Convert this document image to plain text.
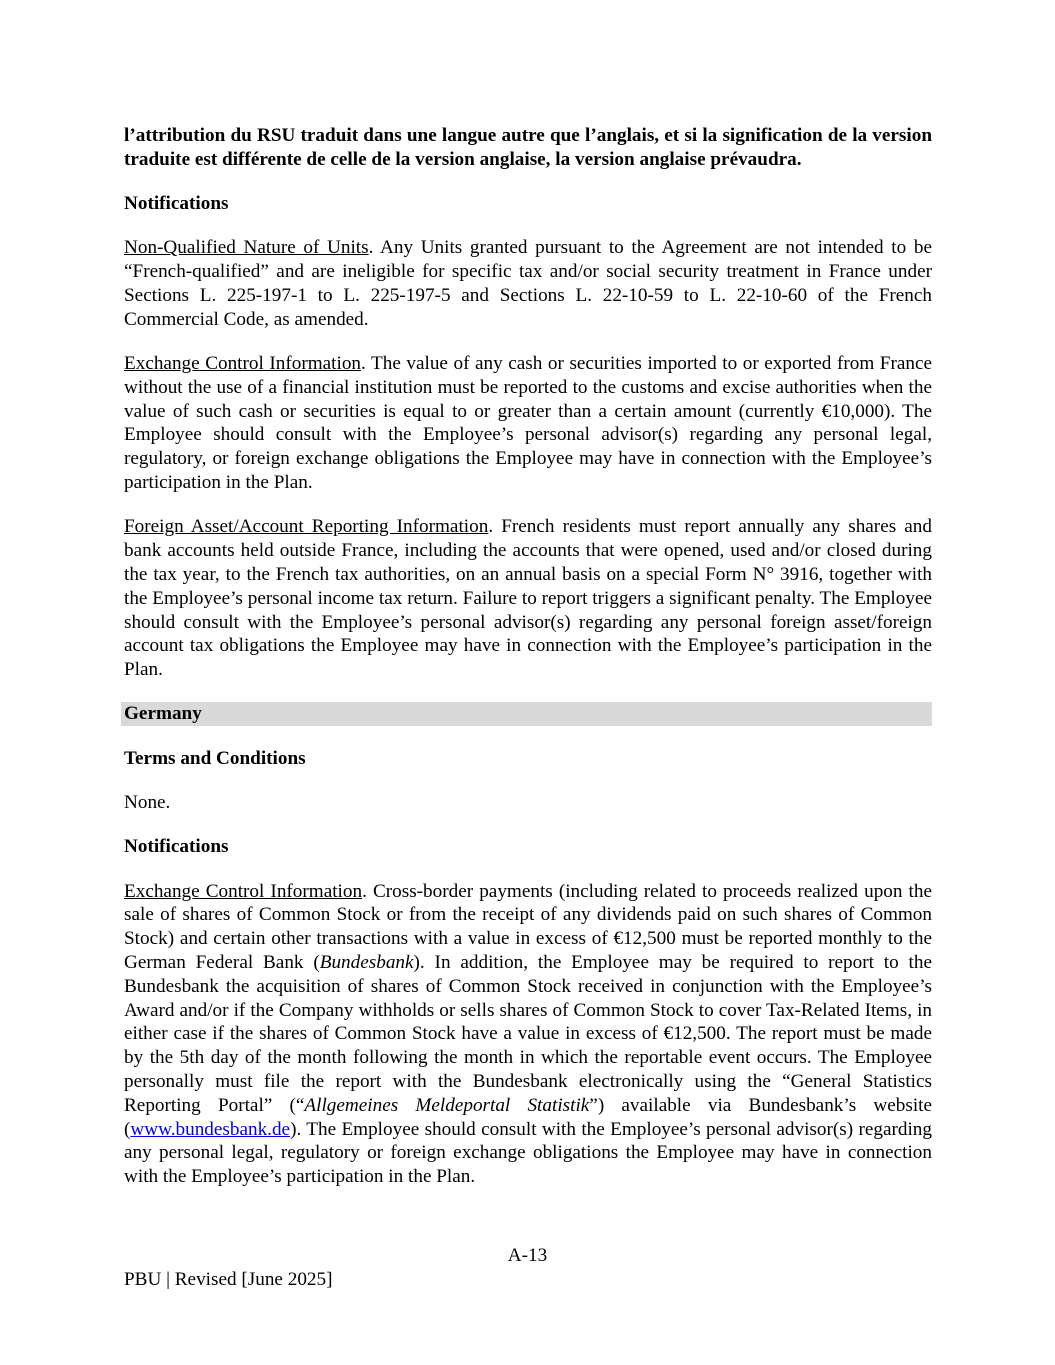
l’attribution du RSU traduit dans une langue autre que l’anglais, et si la signification de la version traduite est différente de celle de la version anglaise, la version anglaise prévaudra.

Notifications

Non-Qualified Nature of Units. Any Units granted pursuant to the Agreement are not intended to be “French-qualified” and are ineligible for specific tax and/or social security treatment in France under Sections L. 225-197-1 to L. 225-197-5 and Sections L. 22-10-59 to L. 22-10-60 of the French Commercial Code, as amended.

Exchange Control Information. The value of any cash or securities imported to or exported from France without the use of a financial institution must be reported to the customs and excise authorities when the value of such cash or securities is equal to or greater than a certain amount (currently €10,000). The Employee should consult with the Employee’s personal advisor(s) regarding any personal legal, regulatory, or foreign exchange obligations the Employee may have in connection with the Employee’s participation in the Plan.

Foreign Asset/Account Reporting Information. French residents must report annually any shares and bank accounts held outside France, including the accounts that were opened, used and/or closed during the tax year, to the French tax authorities, on an annual basis on a special Form N° 3916, together with the Employee’s personal income tax return. Failure to report triggers a significant penalty. The Employee should consult with the Employee’s personal advisor(s) regarding any personal foreign asset/foreign account tax obligations the Employee may have in connection with the Employee’s participation in the Plan.

Germany
Terms and Conditions

None.

Notifications

Exchange Control Information. Cross-border payments (including related to proceeds realized upon the sale of shares of Common Stock or from the receipt of any dividends paid on such shares of Common Stock) and certain other transactions with a value in excess of €12,500 must be reported monthly to the German Federal Bank (Bundesbank). In addition, the Employee may be required to report to the Bundesbank the acquisition of shares of Common Stock received in conjunction with the Employee’s Award and/or if the Company withholds or sells shares of Common Stock to cover Tax-Related Items, in either case if the shares of Common Stock have a value in excess of €12,500. The report must be made by the 5th day of the month following the month in which the reportable event occurs. The Employee personally must file the report with the Bundesbank electronically using the “General Statistics Reporting Portal” (“Allgemeines Meldeportal Statistik”) available via Bundesbank’s website (www.bundesbank.de). The Employee should consult with the Employee’s personal advisor(s) regarding any personal legal, regulatory or foreign exchange obligations the Employee may have in connection with the Employee’s participation in the Plan.

A-13
PBU | Revised [June 2025]
